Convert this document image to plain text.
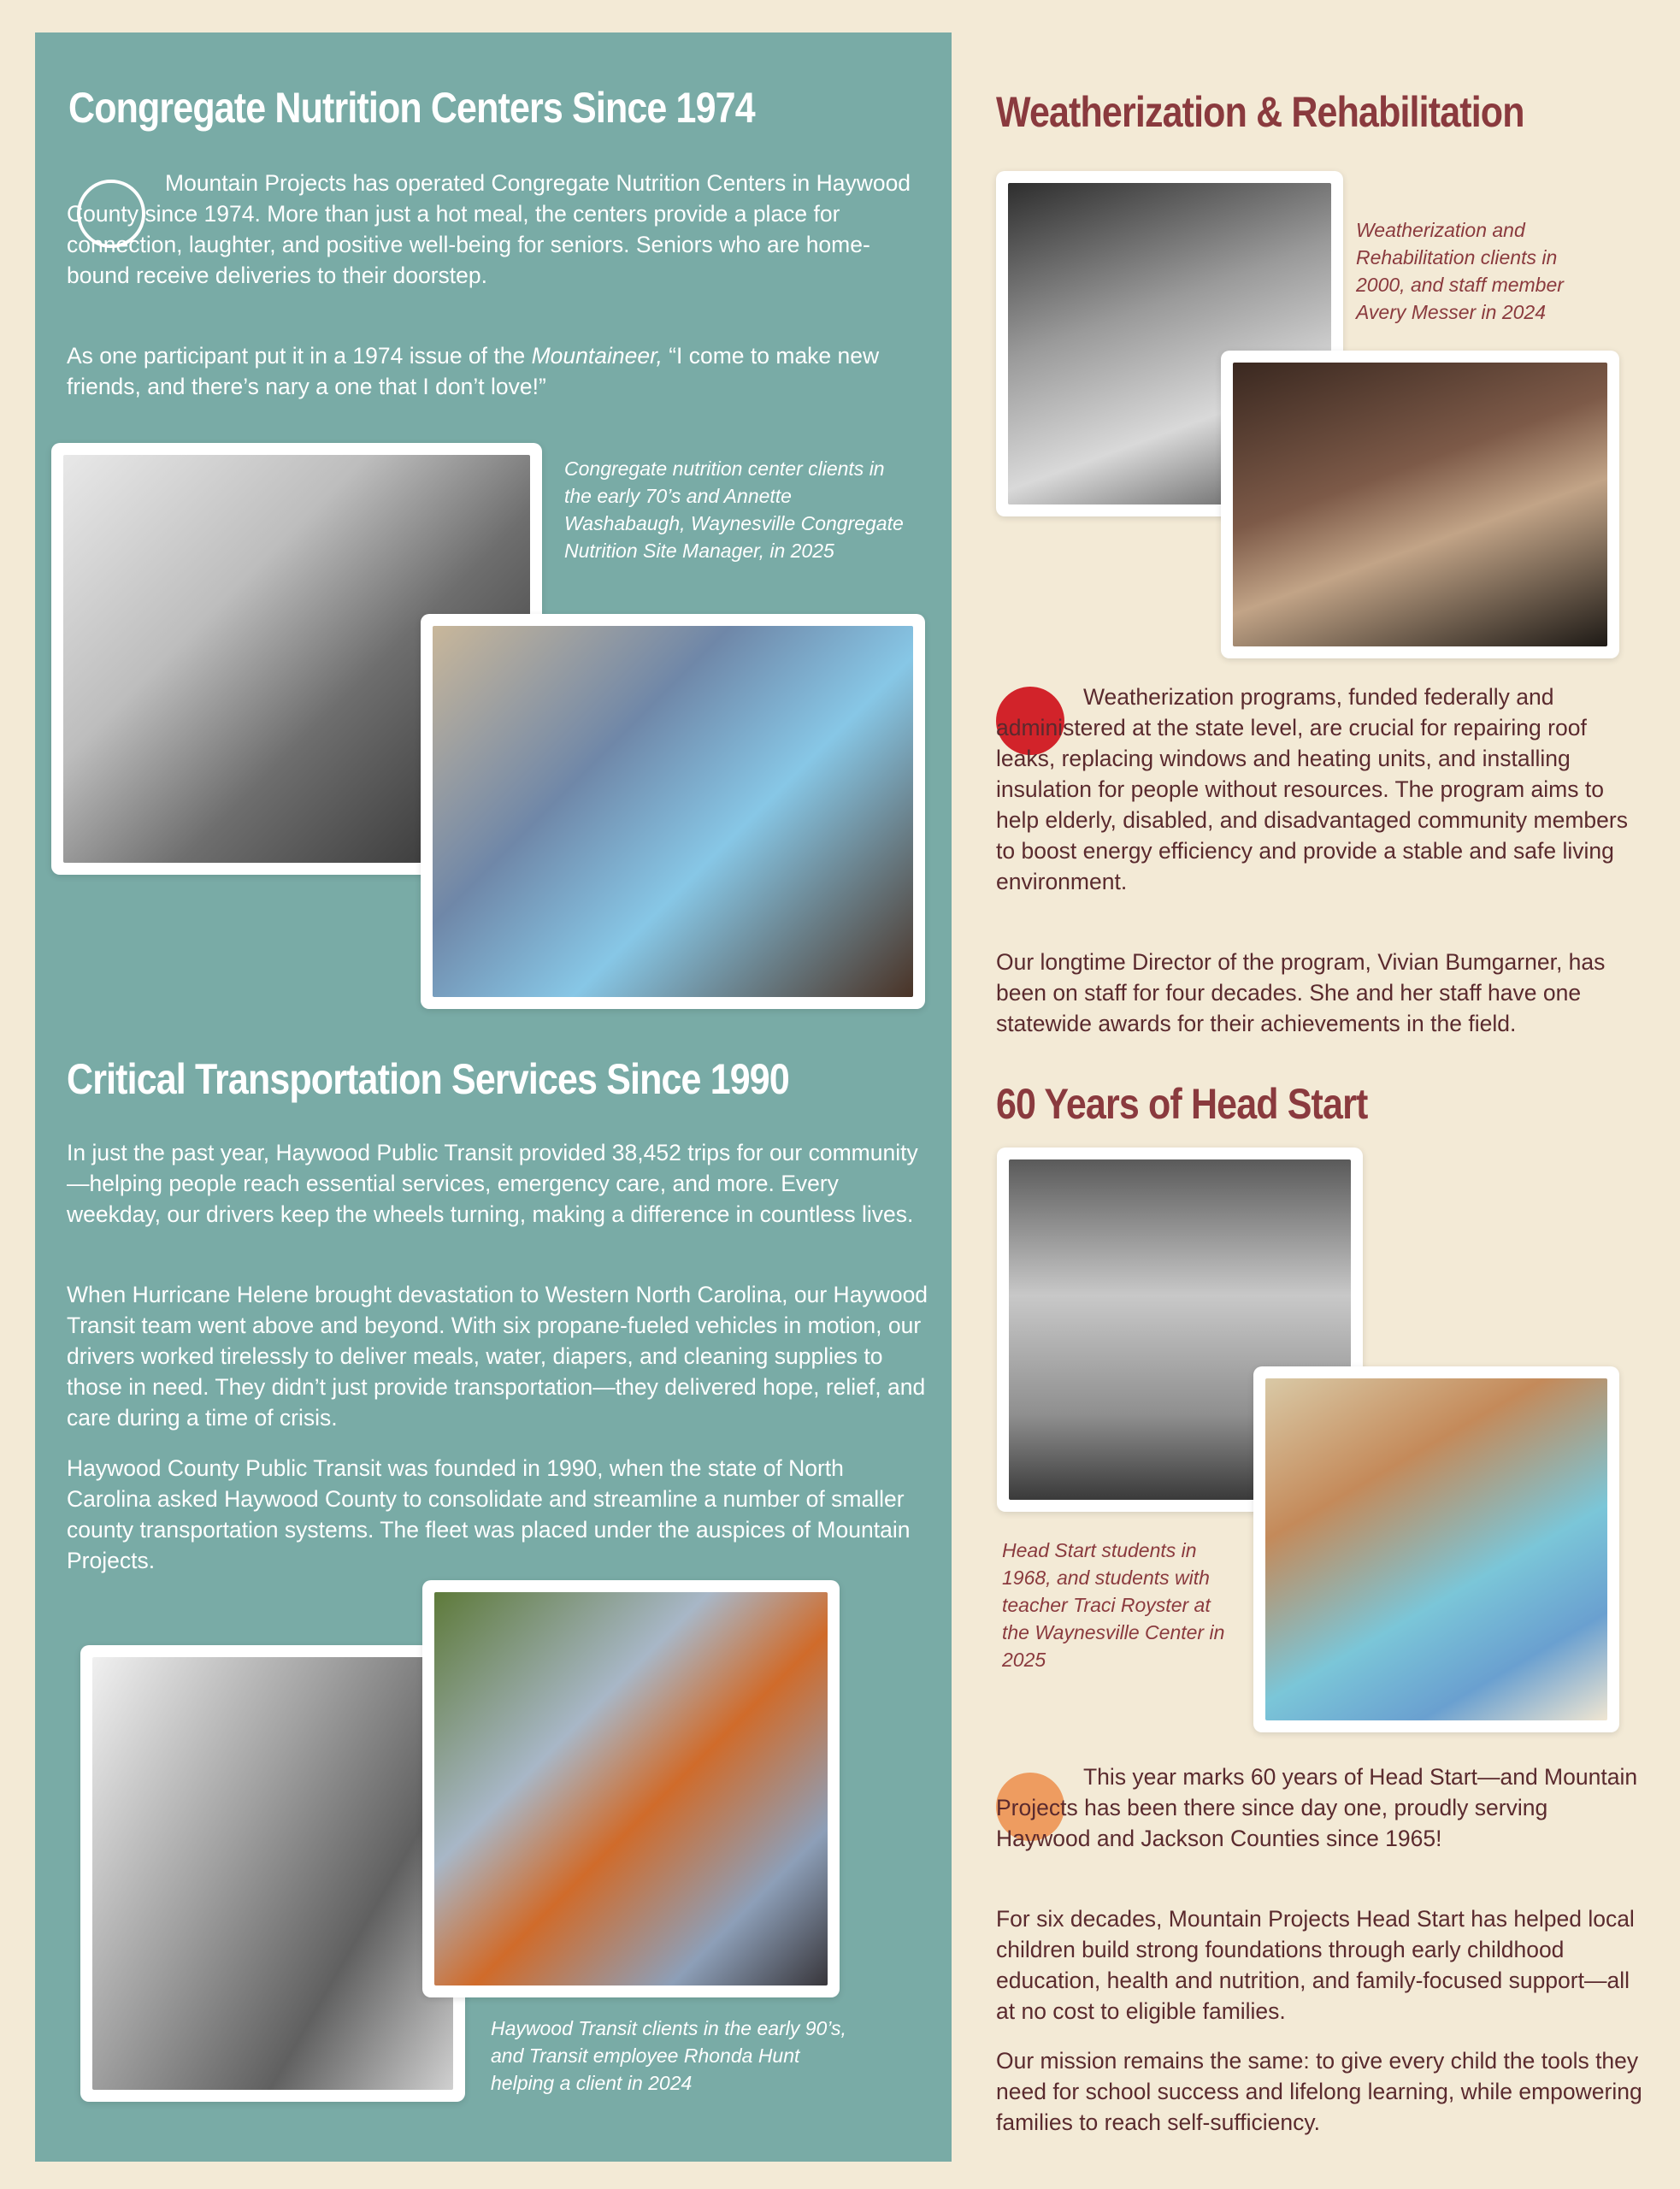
Congregate Nutrition Centers Since 1974

Mountain Projects has operated Congregate Nutrition Centers in Haywood County since 1974. More than just a hot meal, the centers provide a place for connection, laughter, and positive well-being for seniors. Seniors who are home-bound receive deliveries to their doorstep.

As one participant put it in a 1974 issue of the Mountaineer, “I come to make new friends, and there’s nary a one that I don’t love!”

Congregate nutrition center clients in the early 70’s and Annette Washabaugh, Waynesville Congregate Nutrition Site Manager, in 2025

Critical Transportation Services Since 1990

In just the past year, Haywood Public Transit provided 38,452 trips for our community—helping people reach essential services, emergency care, and more. Every weekday, our drivers keep the wheels turning, making a difference in countless lives.

When Hurricane Helene brought devastation to Western North Carolina, our Haywood Transit team went above and beyond. With six propane-fueled vehicles in motion, our drivers worked tirelessly to deliver meals, water, diapers, and cleaning supplies to those in need. They didn’t just provide transportation—they delivered hope, relief, and care during a time of crisis.

Haywood County Public Transit was founded in 1990, when the state of North Carolina asked Haywood County to consolidate and streamline a number of smaller county transportation systems. The fleet was placed under the auspices of Mountain Projects.

Haywood Transit clients in the early 90’s, and Transit employee Rhonda Hunt helping a client in 2024

Weatherization & Rehabilitation

Weatherization and Rehabilitation clients in 2000, and staff member Avery Messer in 2024

Weatherization programs, funded federally and administered at the state level, are crucial for repairing roof leaks, replacing windows and heating units, and installing insulation for people without resources. The program aims to help elderly, disabled, and disadvantaged community members to boost energy efficiency and provide a stable and safe living environment.

Our longtime Director of the program, Vivian Bumgarner, has been on staff for four decades. She and her staff have one statewide awards for their achievements in the field.

60 Years of Head Start

Head Start students in 1968, and students with teacher Traci Royster at the Waynesville Center in 2025

This year marks 60 years of Head Start—and Mountain Projects has been there since day one, proudly serving Haywood and Jackson Counties since 1965!

For six decades, Mountain Projects Head Start has helped local children build strong foundations through early childhood education, health and nutrition, and family-focused support—all at no cost to eligible families.

Our mission remains the same: to give every child the tools they need for school success and lifelong learning, while empowering families to reach self-sufficiency.
